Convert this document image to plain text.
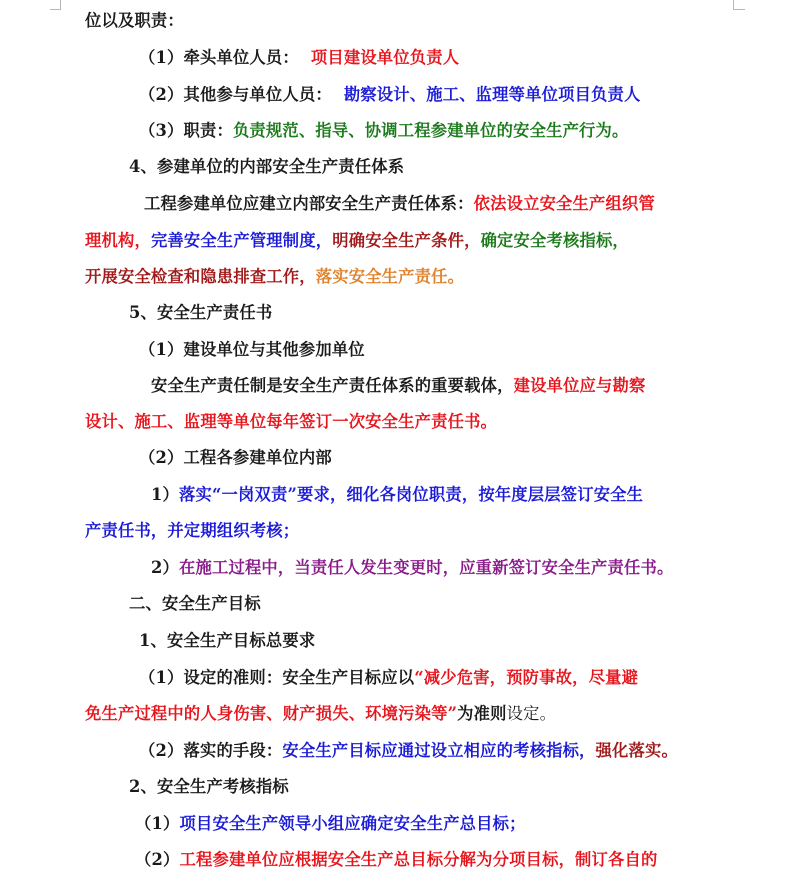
位以及职责：
（1）牵头单位人员： 项目建设单位负责人
（2）其他参与单位人员： 勘察设计、施工、监理等单位项目负责人
（3）职责：负责规范、指导、协调工程参建单位的安全生产行为。
4、参建单位的内部安全生产责任体系
工程参建单位应建立内部安全生产责任体系：依法设立安全生产组织管
理机构，完善安全生产管理制度，明确安全生产条件，确定安全考核指标，
开展安全检查和隐患排查工作，落实安全生产责任。
5、安全生产责任书
（1）建设单位与其他参加单位
安全生产责任制是安全生产责任体系的重要载体，建设单位应与勘察
设计、施工、监理等单位每年签订一次安全生产责任书。
（2）工程各参建单位内部
1）落实“一岗双责”要求，细化各岗位职责，按年度层层签订安全生
产责任书，并定期组织考核；
2）在施工过程中，当责任人发生变更时，应重新签订安全生产责任书。
二、安全生产目标
1、安全生产目标总要求
（1）设定的准则：安全生产目标应以“减少危害，预防事故，尽量避
免生产过程中的人身伤害、财产损失、环境污染等”为准则设定。
（2）落实的手段：安全生产目标应通过设立相应的考核指标，强化落实。
2、安全生产考核指标
（1）项目安全生产领导小组应确定安全生产总目标；
（2）工程参建单位应根据安全生产总目标分解为分项目标，制订各自的
